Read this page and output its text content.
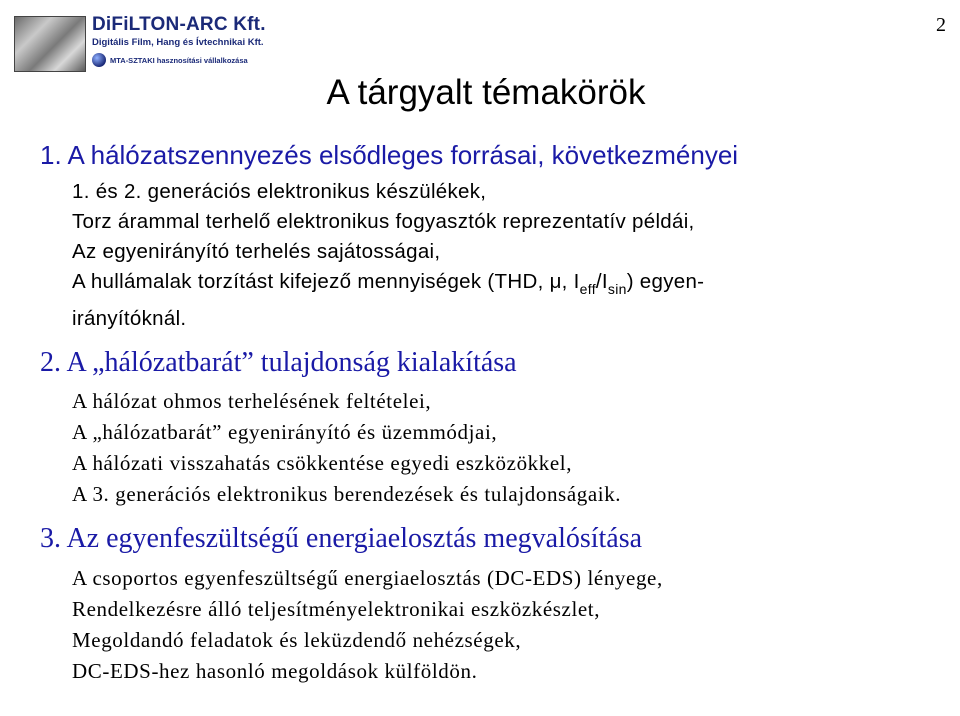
DiFiLTON-ARC Kft.
Digitális Film, Hang és Ívtechnikai Kft.
MTA-SZTAKI hasznosítási vállalkozása
2
A tárgyalt témakörök
1. A hálózatszennyezés elsődleges forrásai, következményei
1. és 2. generációs elektronikus készülékek,
Torz árammal terhelő elektronikus fogyasztók reprezentatív példái,
Az egyenirányító terhelés sajátosságai,
A hullámalak torzítást kifejező mennyiségek (THD, μ, $I_{eff}/I_{sin}$) egyen-
irányítóknál.
2. A „hálózatbarát” tulajdonság kialakítása
A hálózat ohmos terhelésének feltételei,
A „hálózatbarát” egyenirányító és üzemmódjai,
A hálózati visszahatás csökkentése egyedi eszközökkel,
A 3. generációs elektronikus berendezések és tulajdonságaik.
3. Az egyenfeszültségű energiaelosztás megvalósítása
A csoportos egyenfeszültségű energiaelosztás (DC-EDS) lényege,
Rendelkezésre álló teljesítményelektronikai eszközkészlet,
Megoldandó feladatok és leküzdendő nehézségek,
DC-EDS-hez hasonló megoldások külföldön.
